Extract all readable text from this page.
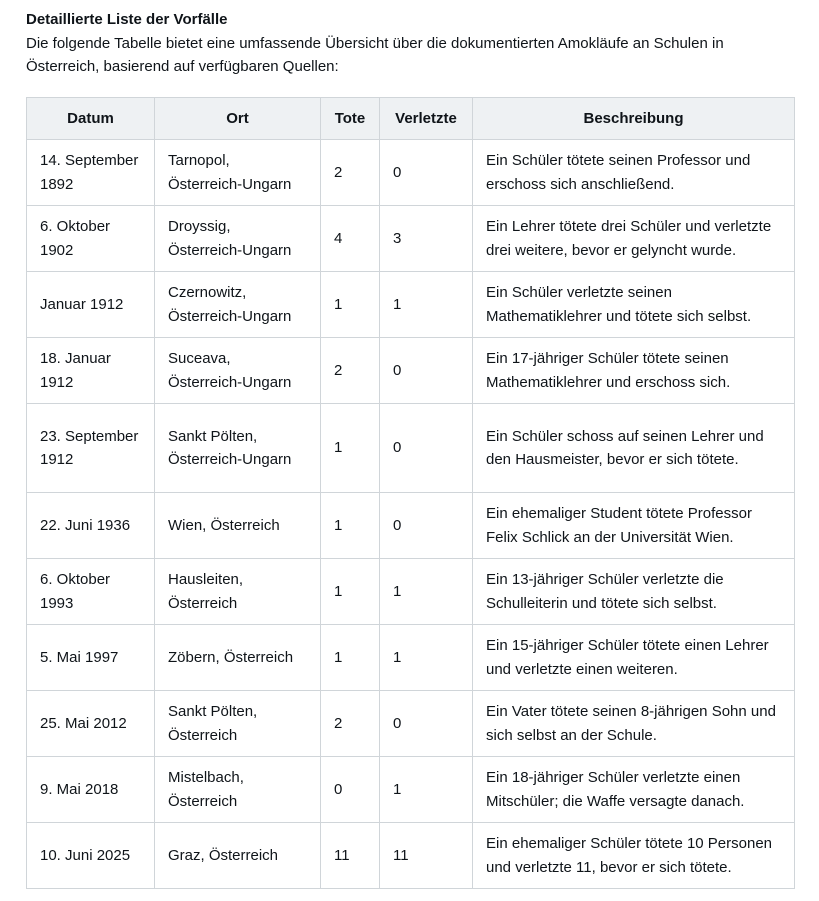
Detaillierte Liste der Vorfälle

Die folgende Tabelle bietet eine umfassende Übersicht über die dokumentierten Amokläufe an Schulen in Österreich, basierend auf verfügbaren Quellen:

Datum	Ort	Tote	Verletzte	Beschreibung
14. September 1892	Tarnopol, Österreich-Ungarn	2	0	Ein Schüler tötete seinen Professor und erschoss sich anschließend.
6. Oktober 1902	Droyssig, Österreich-Ungarn	4	3	Ein Lehrer tötete drei Schüler und verletzte drei weitere, bevor er gelyncht wurde.
Januar 1912	Czernowitz, Österreich-Ungarn	1	1	Ein Schüler verletzte seinen Mathematiklehrer und tötete sich selbst.
18. Januar 1912	Suceava, Österreich-Ungarn	2	0	Ein 17-jähriger Schüler tötete seinen Mathematiklehrer und erschoss sich.
23. September 1912	Sankt Pölten, Österreich-Ungarn	1	0	Ein Schüler schoss auf seinen Lehrer und den Hausmeister, bevor er sich tötete.
22. Juni 1936	Wien, Österreich	1	0	Ein ehemaliger Student tötete Professor Felix Schlick an der Universität Wien.
6. Oktober 1993	Hausleiten, Österreich	1	1	Ein 13-jähriger Schüler verletzte die Schulleiterin und tötete sich selbst.
5. Mai 1997	Zöbern, Österreich	1	1	Ein 15-jähriger Schüler tötete einen Lehrer und verletzte einen weiteren.
25. Mai 2012	Sankt Pölten, Österreich	2	0	Ein Vater tötete seinen 8-jährigen Sohn und sich selbst an der Schule.
9. Mai 2018	Mistelbach, Österreich	0	1	Ein 18-jähriger Schüler verletzte einen Mitschüler; die Waffe versagte danach.
10. Juni 2025	Graz, Österreich	11	11	Ein ehemaliger Schüler tötete 10 Personen und verletzte 11, bevor er sich tötete.
